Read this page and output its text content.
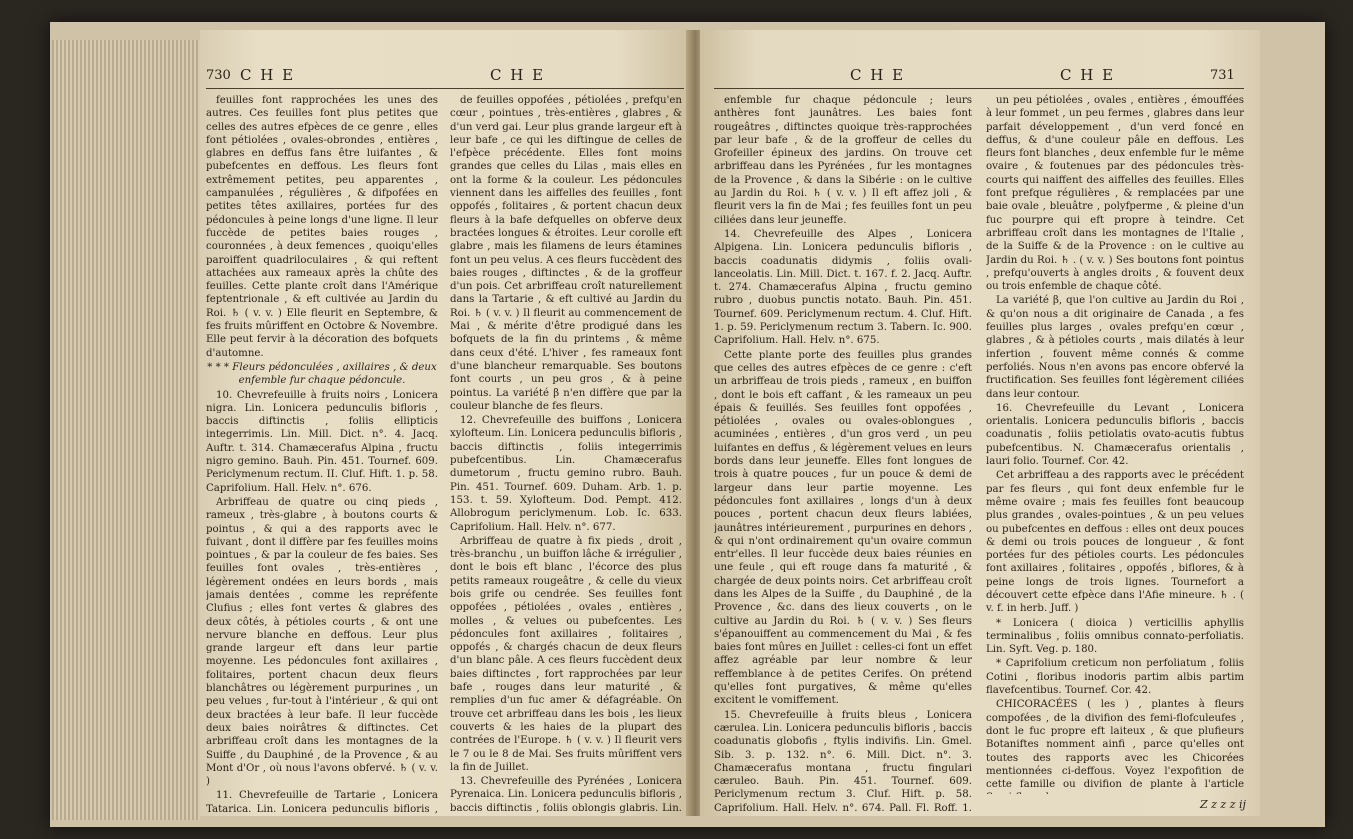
C H E	C H E
730

feuilles font rapprochées les unes des autres. Ces feuilles font plus petites que celles des autres efpèces de ce genre , elles font pétiolées , ovales-obrondes , entières , glabres en deffus fans être luifantes , & pubefcentes en deffous. Les fleurs font extrêmement petites, peu apparentes , campanulées , régulières , & difpofées en petites têtes axillaires, portées fur des pédoncules à peine longs d'une ligne. Il leur fuccède de petites baies rouges , couronnées , à deux femences , quoiqu'elles paroiffent quadriloculaires , & qui reftent attachées aux rameaux après la chûte des feuilles. Cette plante croît dans l'Amérique feptentrionale , & eft cultivée au Jardin du Roi. ♄ ( v. v. ) Elle fleurit en Septembre, & fes fruits mûriffent en Octobre & Novembre. Elle peut fervir à la décoration des bofquets d'automne.

* * * Fleurs pédonculées , axillaires , & deux enfemble fur chaque pédoncule.

10. Chevrefeuille à fruits noirs , Lonicera nigra. Lin. Lonicera pedunculis bifloris , baccis diftinctis , foliis ellipticis integerrimis. Lin. Mill. Dict. n°. 4. Jacq. Auftr. t. 314. Chamæcerafus Alpina , fructu nigro gemino. Bauh. Pin. 451. Tournef. 609. Periclymenum rectum. II. Cluf. Hift. 1. p. 58. Caprifolium. Hall. Helv. n°. 676.

Arbriffeau de quatre ou cinq pieds , rameux , très-glabre , à boutons courts & pointus , & qui a des rapports avec le fuivant , dont il diffère par fes feuilles moins pointues , & par la couleur de fes baies. Ses feuilles font ovales , très-entières , légèrement ondées en leurs bords , mais jamais dentées , comme les repréfente Clufius ; elles font vertes & glabres des deux côtés, à pétioles courts , & ont une nervure blanche en deffous. Leur plus grande largeur eft dans leur partie moyenne. Les pédoncules font axillaires , folitaires, portent chacun deux fleurs blanchâtres ou légèrement purpurines , un peu velues , fur-tout à l'intérieur , & qui ont deux bractées à leur bafe. Il leur fuccède deux baies noirâtres & diftinctes. Cet arbriffeau croît dans les montagnes de la Suiffe , du Dauphiné , de la Provence , & au Mont d'Or , où nous l'avons obfervé. ♄ ( v. v. )

11. Chevrefeuille de Tartarie , Lonicera Tatarica. Lin. Lonicera pedunculis bifloris ,

de feuilles oppofées , pétiolées , prefqu'en cœur , pointues , très-entières , glabres , & d'un verd gai. Leur plus grande largeur eft à leur bafe , ce qui les diftingue de celles de l'efpèce précédente. Elles font moins grandes que celles du Lilas , mais elles en ont la forme & la couleur. Les pédoncules viennent dans les aiffelles des feuilles , font oppofés , folitaires , & portent chacun deux fleurs à la bafe defquelles on obferve deux bractées longues & étroites. Leur corolle eft glabre , mais les filamens de leurs étamines font un peu velus. A ces fleurs fuccèdent des baies rouges , diftinctes , & de la groffeur d'un pois. Cet arbriffeau croît naturellement dans la Tartarie , & eft cultivé au Jardin du Roi. ♄ ( v. v. ) Il fleurit au commencement de Mai , & mérite d'être prodigué dans les bofquets de la fin du printems , & même dans ceux d'été. L'hiver , fes rameaux font d'une blancheur remarquable. Ses boutons font courts , un peu gros , & à peine pointus. La variété β n'en diffère que par la couleur blanche de fes fleurs.

12. Chevrefeuille des buiffons , Lonicera xylofteum. Lin. Lonicera pedunculis bifloris , baccis diftinctis , foliis integerrimis pubefcentibus. Lin. Chamæcerafus dumetorum , fructu gemino rubro. Bauh. Pin. 451. Tournef. 609. Duham. Arb. 1. p. 153. t. 59. Xylofteum. Dod. Pempt. 412. Allobrogum periclymenum. Lob. Ic. 633. Caprifolium. Hall. Helv. n°. 677.

Arbriffeau de quatre à fix pieds , droit , très-branchu , un buiffon lâche & irrégulier , dont le bois eft blanc , l'écorce des plus petits rameaux rougeâtre , & celle du vieux bois grife ou cendrée. Ses feuilles font oppofées , pétiolées , ovales , entières , molles , & velues ou pubefcentes. Les pédoncules font axillaires , folitaires , oppofés , & chargés chacun de deux fleurs d'un blanc pâle. A ces fleurs fuccèdent deux baies diftinctes , fort rapprochées par leur bafe , rouges dans leur maturité , & remplies d'un fuc amer & défagréable. On trouve cet arbriffeau dans les bois , les lieux couverts & les haies de la plupart des contrées de l'Europe. ♄ ( v. v. ) Il fleurit vers le 7 ou le 8 de Mai. Ses fruits mûriffent vers la fin de Juillet.

13. Chevrefeuille des Pyrénées , Lonicera Pyrenaica. Lin. Lonicera pedunculis bifloris , baccis diftinctis , foliis oblongis glabris. Lin.

C H E	C H E	731

enfemble fur chaque pédoncule ; leurs anthères font jaunâtres. Les baies font rougeâtres , diftinctes quoique très-rapprochées par leur bafe , & de la groffeur de celles du Grofeiller épineux des jardins. On trouve cet arbriffeau dans les Pyrénées , fur les montagnes de la Provence , & dans la Sibérie : on le cultive au Jardin du Roi. ♄ ( v. v. ) Il eft affez joli , & fleurit vers la fin de Mai ; fes feuilles font un peu ciliées dans leur jeuneffe.

14. Chevrefeuille des Alpes , Lonicera Alpigena. Lin. Lonicera pedunculis bifloris , baccis coadunatis didymis , foliis ovali-lanceolatis. Lin. Mill. Dict. t. 167. f. 2. Jacq. Auftr. t. 274. Chamæcerafus Alpina , fructu gemino rubro , duobus punctis notato. Bauh. Pin. 451. Tournef. 609. Periclymenum rectum. 4. Cluf. Hift. 1. p. 59. Periclymenum rectum 3. Tabern. Ic. 900. Caprifolium. Hall. Helv. n°. 675.

Cette plante porte des feuilles plus grandes que celles des autres efpèces de ce genre : c'eft un arbriffeau de trois pieds , rameux , en buiffon , dont le bois eft caffant , & les rameaux un peu épais & feuillés. Ses feuilles font oppofées , pétiolées , ovales ou ovales-oblongues , acuminées , entières , d'un gros verd , un peu luifantes en deffus , & légèrement velues en leurs bords dans leur jeuneffe. Elles font longues de trois à quatre pouces , fur un pouce & demi de largeur dans leur partie moyenne. Les pédoncules font axillaires , longs d'un à deux pouces , portent chacun deux fleurs labiées, jaunâtres intérieurement , purpurines en dehors , & qui n'ont ordinairement qu'un ovaire commun entr'elles. Il leur fuccède deux baies réunies en une feule , qui eft rouge dans fa maturité , & chargée de deux points noirs. Cet arbriffeau croît dans les Alpes de la Suiffe , du Dauphiné , de la Provence , &c. dans des lieux couverts , on le cultive au Jardin du Roi. ♄ ( v. v. ) Ses fleurs s'épanouiffent au commencement du Mai , & fes baies font mûres en Juillet : celles-ci font un effet affez agréable par leur nombre & leur reffemblance à de petites Cerifes. On prétend qu'elles font purgatives, & même qu'elles excitent le vomiffement.

15. Chevrefeuille à fruits bleus , Lonicera cærulea. Lin. Lonicera pedunculis bifloris , baccis coadunatis globofis , ftylis indivifis. Lin. Gmel. Sib. 3. p. 132. n°. 6. Mill. Dict. n°. 3. Chamæcerafus montana , fructu fingulari cæruleo. Bauh. Pin. 451. Tournef. 609. Periclymenum rectum 3. Cluf. Hift. p. 58. Caprifolium. Hall. Helv. n°. 674. Pall. Fl. Roff. 1.

un peu pétiolées , ovales , entières , émouffées à leur fommet , un peu fermes , glabres dans leur parfait développement , d'un verd foncé en deffus, & d'une couleur pâle en deffous. Les fleurs font blanches , deux enfemble fur le même ovaire , & foutenues par des pédoncules très-courts qui naiffent des aiffelles des feuilles. Elles font prefque régulières , & remplacées par une baie ovale , bleuâtre , polyfperme , & pleine d'un fuc pourpre qui eft propre à teindre. Cet arbriffeau croît dans les montagnes de l'Italie , de la Suiffe & de la Provence : on le cultive au Jardin du Roi. ♄ . ( v. v. ) Ses boutons font pointus , prefqu'ouverts à angles droits , & fouvent deux ou trois enfemble de chaque côté.

La variété β, que l'on cultive au Jardin du Roi , & qu'on nous a dit originaire de Canada , a fes feuilles plus larges , ovales prefqu'en cœur , glabres , & à pétioles courts , mais dilatés à leur infertion , fouvent même connés & comme perfoliés. Nous n'en avons pas encore obfervé la fructification. Ses feuilles font légèrement ciliées dans leur contour.

16. Chevrefeuille du Levant , Lonicera orientalis. Lonicera pedunculis bifloris , baccis coadunatis , foliis petiolatis ovato-acutis fubtus pubefcentibus. N. Chamæcerafus orientalis , lauri folio. Tournef. Cor. 42.

Cet arbriffeau a des rapports avec le précédent par fes fleurs , qui font deux enfemble fur le même ovaire ; mais fes feuilles font beaucoup plus grandes , ovales-pointues , & un peu velues ou pubefcentes en deffous : elles ont deux pouces & demi ou trois pouces de longueur , & font portées fur des pétioles courts. Les pédoncules font axillaires , folitaires , oppofés , biflores, & à peine longs de trois lignes. Tournefort a découvert cette efpèce dans l'Afie mineure. ♄ . ( v. f. in herb. Juff. )

* Lonicera ( dioica ) verticillis aphyllis terminalibus , foliis omnibus connato-perfoliatis. Lin. Syft. Veg. p. 180.

* Caprifolium creticum non perfoliatum , foliis Cotini , floribus inodoris partim albis partim flavefcentibus. Tournef. Cor. 42.

CHICORACÉES ( les ) , plantes à fleurs compofées , de la divifion des femi-flofculeufes , dont le fuc propre eft laiteux , & que plufieurs Botaniftes nomment ainfi , parce qu'elles ont toutes des rapports avec les Chicorées mentionnées ci-deffous. Voyez l'expofition de cette famille ou divifion de plante à l'article

Z z z z ij
